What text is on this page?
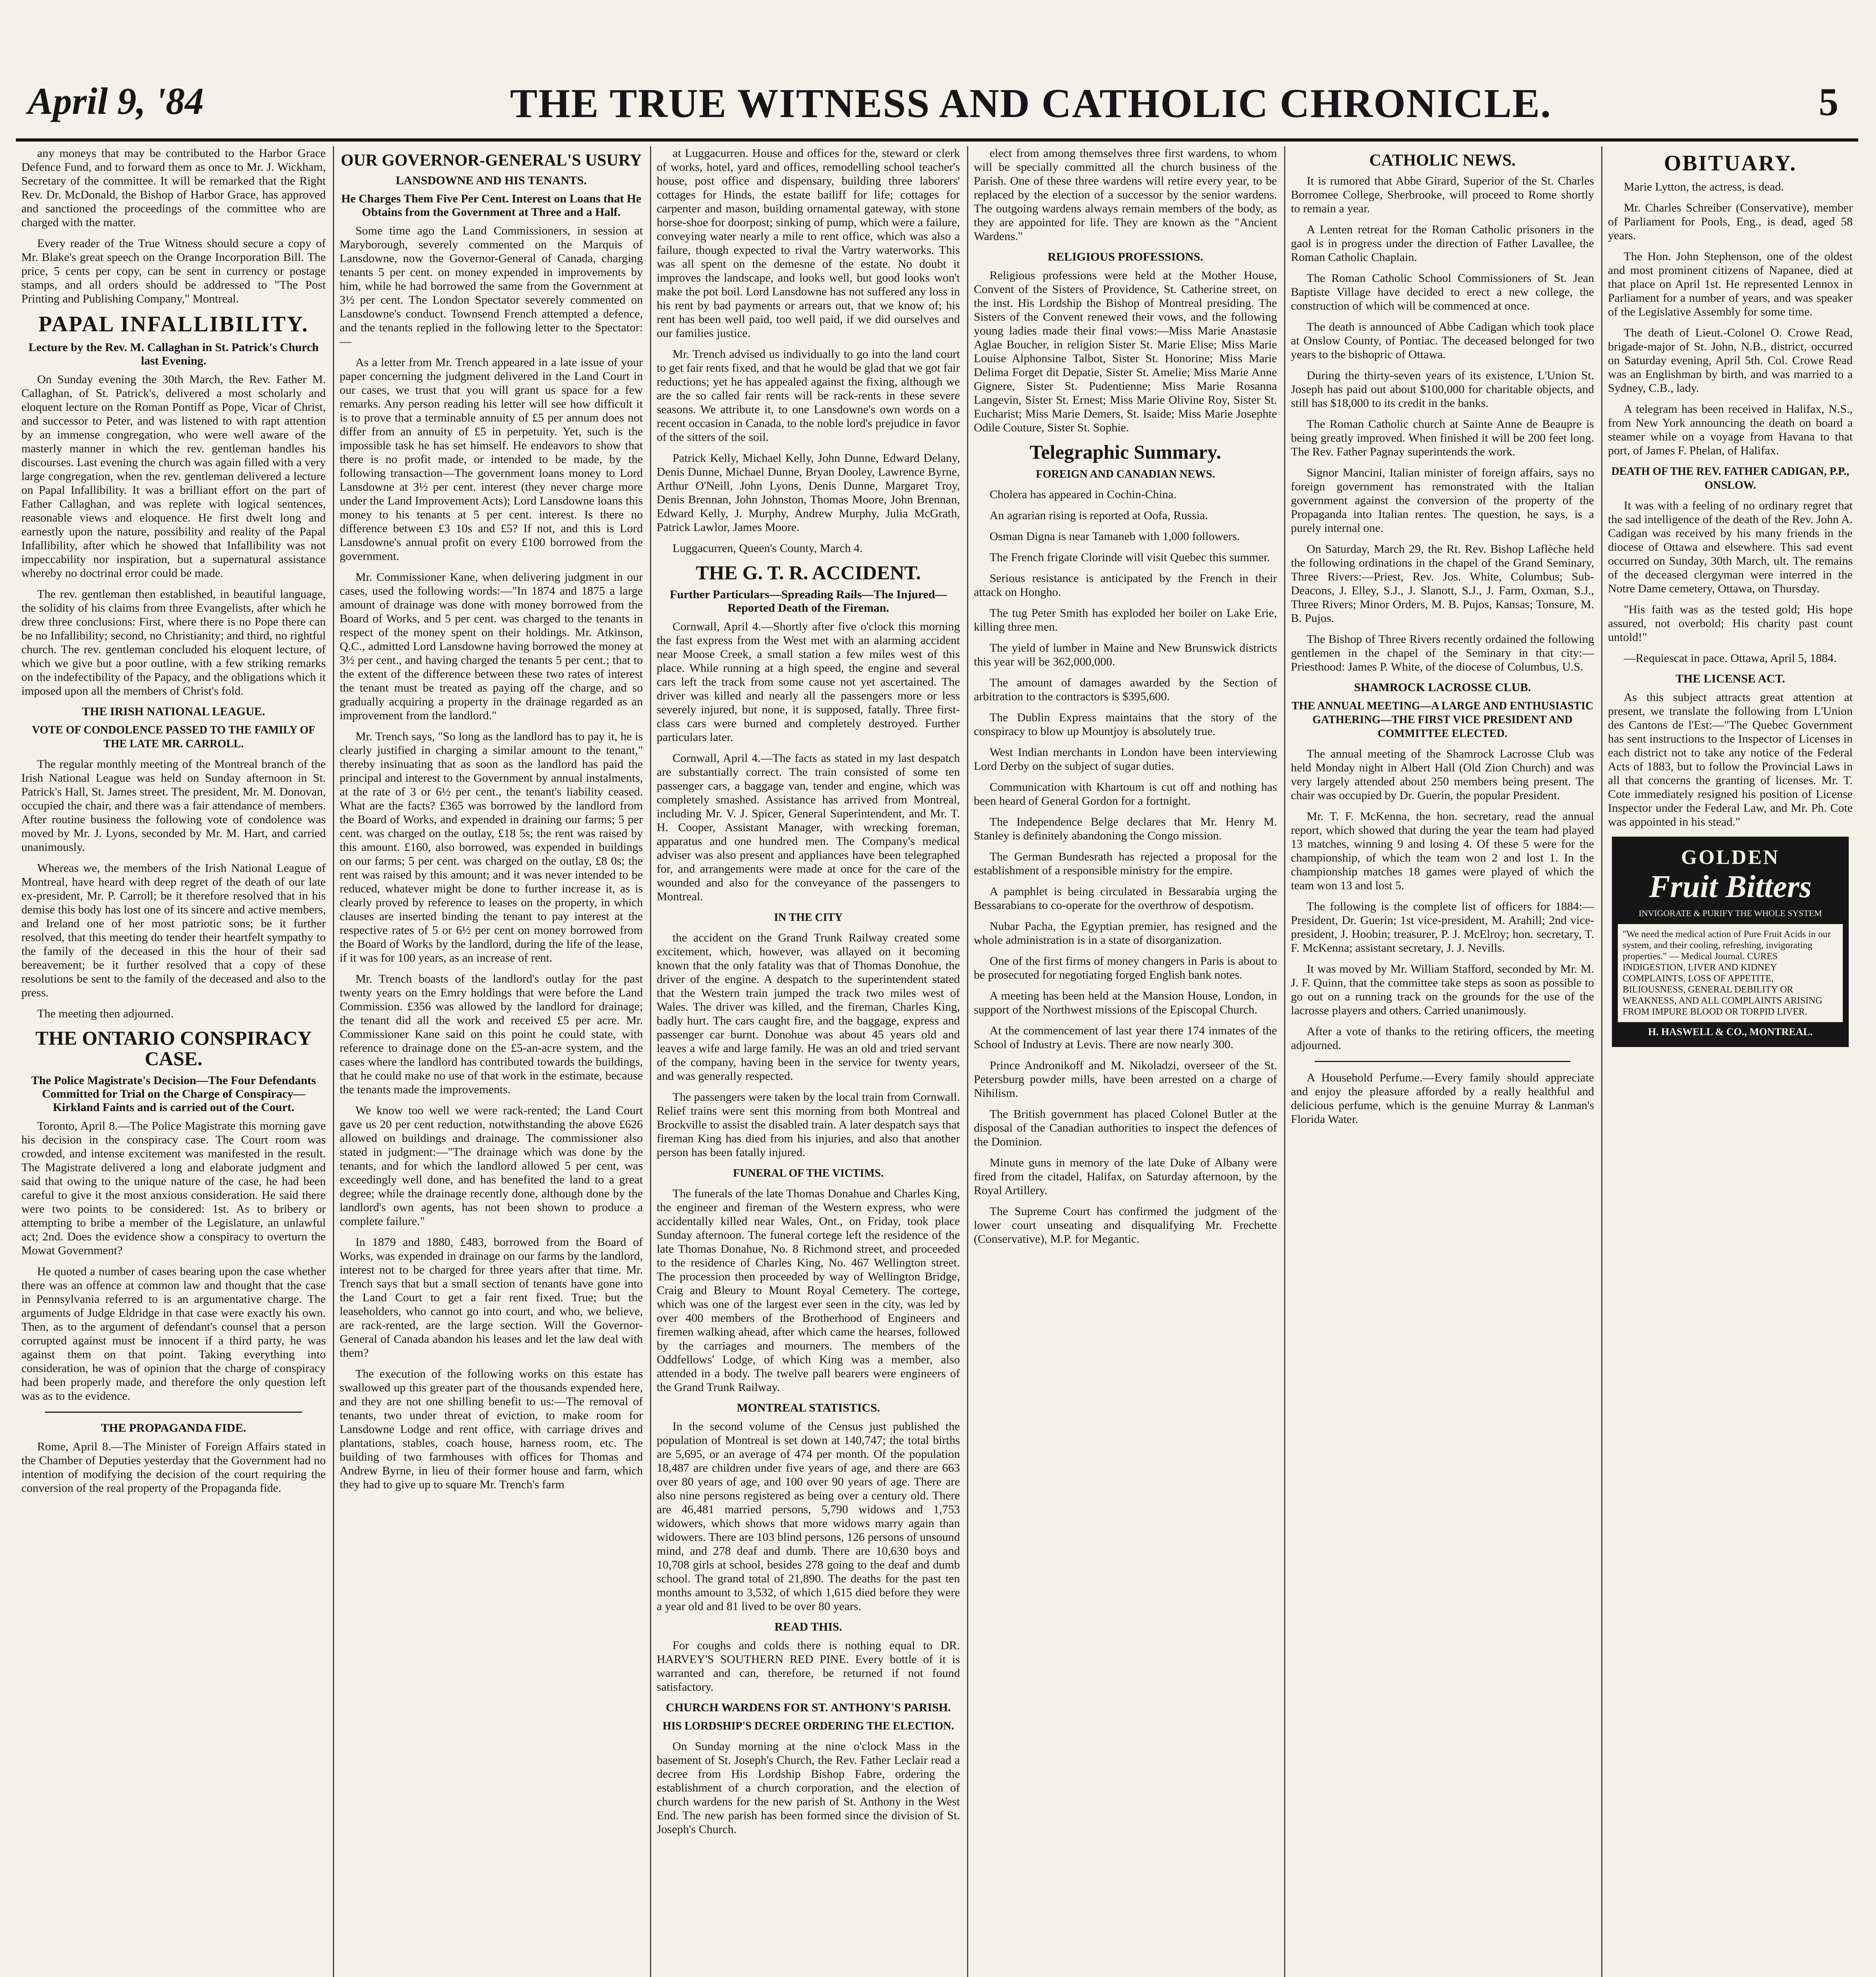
April 9, '84	THE TRUE WITNESS AND CATHOLIC CHRONICLE.	5

any moneys that may be contributed to the Harbor Grace Defence Fund, and to forward them as once to Mr. J. Wickham, Secretary of the committee. It will be remarked that the Right Rev. Dr. McDonald, the Bishop of Harbor Grace, has approved and sanctioned the proceedings of the committee who are charged with the matter.

Every reader of the True Witness should secure a copy of Mr. Blake's great speech on the Orange Incorporation Bill. The price, 5 cents per copy, can be sent in currency or postage stamps, and all orders should be addressed to "The Post Printing and Publishing Company," Montreal.

PAPAL INFALLIBILITY.
Lecture by the Rev. M. Callaghan in St. Patrick's Church last Evening.

On Sunday evening the 30th March, the Rev. Father M. Callaghan, of St. Patrick's, delivered a most scholarly and eloquent lecture on the Roman Pontiff as Pope, Vicar of Christ, and successor to Peter, and was listened to with rapt attention by an immense congregation, who were well aware of the masterly manner in which the rev. gentleman handles his discourses. Last evening the church was again filled with a very large congregation, when the rev. gentleman delivered a lecture on Papal Infallibility. It was a brilliant effort on the part of Father Callaghan, and was replete with logical sentences, reasonable views and eloquence. He first dwelt long and earnestly upon the nature, possibility and reality of the Papal Infallibility, after which he showed that Infallibility was not impeccability nor inspiration, but a supernatural assistance whereby no doctrinal error could be made.

The rev. gentleman then established, in beautiful language, the solidity of his claims from three Evangelists, after which he drew three conclusions: First, where there is no Pope there can be no Infallibility; second, no Christianity; and third, no rightful church. The rev. gentleman concluded his eloquent lecture, of which we give but a poor outline, with a few striking remarks on the indefectibility of the Papacy, and the obligations which it imposed upon all the members of Christ's fold.

THE IRISH NATIONAL LEAGUE.

VOTE OF CONDOLENCE PASSED TO THE FAMILY OF THE LATE MR. CARROLL.

The regular monthly meeting of the Montreal branch of the Irish National League was held on Sunday afternoon in St. Patrick's Hall, St. James street. The president, Mr. M. Donovan, occupied the chair, and there was a fair attendance of members. After routine business the following vote of condolence was moved by Mr. J. Lyons, seconded by Mr. M. Hart, and carried unanimously.

Whereas we, the members of the Irish National League of Montreal, have heard with deep regret of the death of our late ex-president, Mr. P. Carroll; be it therefore resolved that in his demise this body has lost one of its sincere and active members, and Ireland one of her most patriotic sons; be it further resolved, that this meeting do tender their heartfelt sympathy to the family of the deceased in this the hour of their sad bereavement; be it further resolved that a copy of these resolutions be sent to the family of the deceased and also to the press.

The meeting then adjourned.

THE ONTARIO CONSPIRACY CASE.
The Police Magistrate's Decision—The Four Defendants Committed for Trial on the Charge of Conspiracy—Kirkland Faints and is carried out of the Court.

Toronto, April 8.—The Police Magistrate this morning gave his decision in the conspiracy case. The Court room was crowded, and intense excitement was manifested in the result. The Magistrate delivered a long and elaborate judgment and said that owing to the unique nature of the case, he had been careful to give it the most anxious consideration. He said there were two points to be considered: 1st. As to bribery or attempting to bribe a member of the Legislature, an unlawful act; 2nd. Does the evidence show a conspiracy to overturn the Mowat Government?

He quoted a number of cases bearing upon the case whether there was an offence at common law and thought that the case in Pennsylvania referred to is an argumentative charge. The arguments of Judge Eldridge in that case were exactly his own. Then, as to the argument of defendant's counsel that a person corrupted against must be innocent if a third party, he was against them on that point. Taking everything into consideration, he was of opinion that the charge of conspiracy had been properly made, and therefore the only question left was as to the evidence.

THE PROPAGANDA FIDE.

Rome, April 8.—The Minister of Foreign Affairs stated in the Chamber of Deputies yesterday that the Government had no intention of modifying the decision of the court requiring the conversion of the real property of the Propaganda fide.

OUR GOVERNOR-GENERAL'S USURY
LANSDOWNE AND HIS TENANTS.
He Charges Them Five Per Cent. Interest on Loans that He Obtains from the Government at Three and a Half.

Some time ago the Land Commissioners, in session at Maryborough, severely commented on the Marquis of Lansdowne, now the Governor-General of Canada, charging tenants 5 per cent. on money expended in improvements by him, while he had borrowed the same from the Government at 3½ per cent. The London Spectator severely commented on Lansdowne's conduct. Townsend French attempted a defence, and the tenants replied in the following letter to the Spectator:—

As a letter from Mr. Trench appeared in a late issue of your paper concerning the judgment delivered in the Land Court in our cases, we trust that you will grant us space for a few remarks. Any person reading his letter will see how difficult it is to prove that a terminable annuity of £5 per annum does not differ from an annuity of £5 in perpetuity. Yet, such is the impossible task he has set himself. He endeavors to show that there is no profit made, or intended to be made, by the following transaction—The government loans money to Lord Lansdowne at 3½ per cent. interest (they never charge more under the Land Improvement Acts); Lord Lansdowne loans this money to his tenants at 5 per cent. interest. Is there no difference between £3 10s and £5? If not, and this is Lord Lansdowne's annual profit on every £100 borrowed from the government.

Mr. Commissioner Kane, when delivering judgment in our cases, used the following words:—"In 1874 and 1875 a large amount of drainage was done with money borrowed from the Board of Works, and 5 per cent. was charged to the tenants in respect of the money spent on their holdings. Mr. Atkinson, Q.C., admitted Lord Lansdowne having borrowed the money at 3½ per cent., and having charged the tenants 5 per cent.; that to the extent of the difference between these two rates of interest the tenant must be treated as paying off the charge, and so gradually acquiring a property in the drainage regarded as an improvement from the landlord."

Mr. Trench says, "So long as the landlord has to pay it, he is clearly justified in charging a similar amount to the tenant," thereby insinuating that as soon as the landlord has paid the principal and interest to the Government by annual instalments, at the rate of 3 or 6½ per cent., the tenant's liability ceased. What are the facts? £365 was borrowed by the landlord from the Board of Works, and expended in draining our farms; 5 per cent. was charged on the outlay, £18 5s; the rent was raised by this amount. £160, also borrowed, was expended in buildings on our farms; 5 per cent. was charged on the outlay, £8 0s; the rent was raised by this amount; and it was never intended to be reduced, whatever might be done to further increase it, as is clearly proved by reference to leases on the property, in which clauses are inserted binding the tenant to pay interest at the respective rates of 5 or 6½ per cent on money borrowed from the Board of Works by the landlord, during the life of the lease, if it was for 100 years, as an increase of rent.

Mr. Trench boasts of the landlord's outlay for the past twenty years on the Emry holdings that were before the Land Commission. £356 was allowed by the landlord for drainage; the tenant did all the work and received £5 per acre. Mr. Commissioner Kane said on this point he could state, with reference to drainage done on the £5-an-acre system, and the cases where the landlord has contributed towards the buildings, that he could make no use of that work in the estimate, because the tenants made the improvements.

We know too well we were rack-rented; the Land Court gave us 20 per cent reduction, notwithstanding the above £626 allowed on buildings and drainage. The commissioner also stated in judgment:—"The drainage which was done by the tenants, and for which the landlord allowed 5 per cent, was exceedingly well done, and has benefited the land to a great degree; while the drainage recently done, although done by the landlord's own agents, has not been shown to produce a complete failure."

In 1879 and 1880, £483, borrowed from the Board of Works, was expended in drainage on our farms by the landlord, interest not to be charged for three years after that time. Mr. Trench says that but a small section of tenants have gone into the Land Court to get a fair rent fixed. True; but the leaseholders, who cannot go into court, and who, we believe, are rack-rented, are the large section. Will the Governor-General of Canada abandon his leases and let the law deal with them?

The execution of the following works on this estate has swallowed up this greater part of the thousands expended here, and they are not one shilling benefit to us:—The removal of tenants, two under threat of eviction, to make room for Lansdowne Lodge and rent office, with carriage drives and plantations, stables, coach house, harness room, etc. The building of two farmhouses with offices for Thomas and Andrew Byrne, in lieu of their former house and farm, which they had to give up to square Mr. Trench's farm

at Luggacurren. House and offices for the, steward or clerk of works, hotel, yard and offices, remodelling school teacher's house, post office and dispensary, building three laborers' cottages for Hinds, the estate bailiff for life; cottages for carpenter and mason, building ornamental gateway, with stone horse-shoe for doorpost; sinking of pump, which were a failure, conveying water nearly a mile to rent office, which was also a failure, though expected to rival the Vartry waterworks. This was all spent on the demesne of the estate. No doubt it improves the landscape, and looks well, but good looks won't make the pot boil. Lord Lansdowne has not suffered any loss in his rent by bad payments or arrears out, that we know of; his rent has been well paid, too well paid, if we did ourselves and our families justice.

Mr. Trench advised us individually to go into the land court to get fair rents fixed, and that he would be glad that we got fair reductions; yet he has appealed against the fixing, although we are the so called fair rents will be rack-rents in these severe seasons. We attribute it, to one Lansdowne's own words on a recent occasion in Canada, to the noble lord's prejudice in favor of the sitters of the soil.

Patrick Kelly, Michael Kelly, John Dunne, Edward Delany, Denis Dunne, Michael Dunne, Bryan Dooley, Lawrence Byrne, Arthur O'Neill, John Lyons, Denis Dunne, Margaret Troy, Denis Brennan, John Johnston, Thomas Moore, John Brennan, Edward Kelly, J. Murphy, Andrew Murphy, Julia McGrath, Patrick Lawlor, James Moore.

Luggacurren, Queen's County, March 4.

THE G. T. R. ACCIDENT.
Further Particulars—Spreading Rails—The Injured—Reported Death of the Fireman.

Cornwall, April 4.—Shortly after five o'clock this morning the fast express from the West met with an alarming accident near Moose Creek, a small station a few miles west of this place. While running at a high speed, the engine and several cars left the track from some cause not yet ascertained. The driver was killed and nearly all the passengers more or less severely injured, but none, it is supposed, fatally. Three first-class cars were burned and completely destroyed. Further particulars later.

Cornwall, April 4.—The facts as stated in my last despatch are substantially correct. The train consisted of some ten passenger cars, a baggage van, tender and engine, which was completely smashed. Assistance has arrived from Montreal, including Mr. V. J. Spicer, General Superintendent, and Mr. T. H. Cooper, Assistant Manager, with wrecking foreman, apparatus and one hundred men. The Company's medical adviser was also present and appliances have been telegraphed for, and arrangements were made at once for the care of the wounded and also for the conveyance of the passengers to Montreal.

IN THE CITY

the accident on the Grand Trunk Railway created some excitement, which, however, was allayed on it becoming known that the only fatality was that of Thomas Donohue, the driver of the engine. A despatch to the superintendent stated that the Western train jumped the track two miles west of Wales. The driver was killed, and the fireman, Charles King, badly hurt. The cars caught fire, and the baggage, express and passenger car burnt. Donohue was about 45 years old and leaves a wife and large family. He was an old and tried servant of the company, having been in the service for twenty years, and was generally respected.

The passengers were taken by the local train from Cornwall. Relief trains were sent this morning from both Montreal and Brockville to assist the disabled train. A later despatch says that fireman King has died from his injuries, and also that another person has been fatally injured.

FUNERAL OF THE VICTIMS.

The funerals of the late Thomas Donahue and Charles King, the engineer and fireman of the Western express, who were accidentally killed near Wales, Ont., on Friday, took place Sunday afternoon. The funeral cortege left the residence of the late Thomas Donahue, No. 8 Richmond street, and proceeded to the residence of Charles King, No. 467 Wellington street. The procession then proceeded by way of Wellington Bridge, Craig and Bleury to Mount Royal Cemetery. The cortege, which was one of the largest ever seen in the city, was led by over 400 members of the Brotherhood of Engineers and firemen walking ahead, after which came the hearses, followed by the carriages and mourners. The members of the Oddfellows' Lodge, of which King was a member, also attended in a body. The twelve pall bearers were engineers of the Grand Trunk Railway.

MONTREAL STATISTICS.

In the second volume of the Census just published the population of Montreal is set down at 140,747; the total births are 5,695, or an average of 474 per month. Of the population 18,487 are children under five years of age, and there are 663 over 80 years of age, and 100 over 90 years of age. There are also nine persons registered as being over a century old. There are 46,481 married persons, 5,790 widows and 1,753 widowers, which shows that more widows marry again than widowers. There are 103 blind persons, 126 persons of unsound mind, and 278 deaf and dumb. There are 10,630 boys and 10,708 girls at school, besides 278 going to the deaf and dumb school. The grand total of 21,890. The deaths for the past ten months amount to 3,532, of which 1,615 died before they were a year old and 81 lived to be over 80 years.

READ THIS.

For coughs and colds there is nothing equal to DR. HARVEY'S SOUTHERN RED PINE. Every bottle of it is warranted and can, therefore, be returned if not found satisfactory.

CHURCH WARDENS FOR ST. ANTHONY'S PARISH.

HIS LORDSHIP'S DECREE ORDERING THE ELECTION.

On Sunday morning at the nine o'clock Mass in the basement of St. Joseph's Church, the Rev. Father Leclair read a decree from His Lordship Bishop Fabre, ordering the establishment of a church corporation, and the election of church wardens for the new parish of St. Anthony in the West End. The new parish has been formed since the division of St. Joseph's Church.

elect from among themselves three first wardens, to whom will be specially committed all the church business of the Parish. One of these three wardens will retire every year, to be replaced by the election of a successor by the senior wardens. The outgoing wardens always remain members of the body, as they are appointed for life. They are known as the "Ancient Wardens."

RELIGIOUS PROFESSIONS.

Religious professions were held at the Mother House, Convent of the Sisters of Providence, St. Catherine street, on the inst. His Lordship the Bishop of Montreal presiding. The Sisters of the Convent renewed their vows, and the following young ladies made their final vows:—Miss Marie Anastasie Aglae Boucher, in religion Sister St. Marie Elise; Miss Marie Louise Alphonsine Talbot, Sister St. Honorine; Miss Marie Delima Forget dit Depatie, Sister St. Amelie; Miss Marie Anne Gignere, Sister St. Pudentienne; Miss Marie Rosanna Langevin, Sister St. Ernest; Miss Marie Olivine Roy, Sister St. Eucharist; Miss Marie Demers, St. Isaide; Miss Marie Josephte Odile Couture, Sister St. Sophie.

Telegraphic Summary.

FOREIGN AND CANADIAN NEWS.

Cholera has appeared in Cochin-China.

An agrarian rising is reported at Oofa, Russia.

Osman Digna is near Tamaneb with 1,000 followers.

The French frigate Clorinde will visit Quebec this summer.

Serious resistance is anticipated by the French in their attack on Hongho.

The tug Peter Smith has exploded her boiler on Lake Erie, killing three men.

The yield of lumber in Maine and New Brunswick districts this year will be 362,000,000.

The amount of damages awarded by the Section of arbitration to the contractors is $395,600.

The Dublin Express maintains that the story of the conspiracy to blow up Mountjoy is absolutely true.

West Indian merchants in London have been interviewing Lord Derby on the subject of sugar duties.

Communication with Khartoum is cut off and nothing has been heard of General Gordon for a fortnight.

The Independence Belge declares that Mr. Henry M. Stanley is definitely abandoning the Congo mission.

The German Bundesrath has rejected a proposal for the establishment of a responsible ministry for the empire.

A pamphlet is being circulated in Bessarabia urging the Bessarabians to co-operate for the overthrow of despotism.

Nubar Pacha, the Egyptian premier, has resigned and the whole administration is in a state of disorganization.

One of the first firms of money changers in Paris is about to be prosecuted for negotiating forged English bank notes.

A meeting has been held at the Mansion House, London, in support of the Northwest missions of the Episcopal Church.

At the commencement of last year there 174 inmates of the School of Industry at Levis. There are now nearly 300.

Prince Andronikoff and M. Nikoladzi, overseer of the St. Petersburg powder mills, have been arrested on a charge of Nihilism.

The British government has placed Colonel Butler at the disposal of the Canadian authorities to inspect the defences of the Dominion.

Minute guns in memory of the late Duke of Albany were fired from the citadel, Halifax, on Saturday afternoon, by the Royal Artillery.

The Supreme Court has confirmed the judgment of the lower court unseating and disqualifying Mr. Frechette (Conservative), M.P. for Megantic.

CATHOLIC NEWS.

It is rumored that Abbe Girard, Superior of the St. Charles Borromee College, Sherbrooke, will proceed to Rome shortly to remain a year.

A Lenten retreat for the Roman Catholic prisoners in the gaol is in progress under the direction of Father Lavallee, the Roman Catholic Chaplain.

The Roman Catholic School Commissioners of St. Jean Baptiste Village have decided to erect a new college, the construction of which will be commenced at once.

The death is announced of Abbe Cadigan which took place at Onslow County, of Pontiac. The deceased belonged for two years to the bishopric of Ottawa.

During the thirty-seven years of its existence, L'Union St. Joseph has paid out about $100,000 for charitable objects, and still has $18,000 to its credit in the banks.

The Roman Catholic church at Sainte Anne de Beaupre is being greatly improved. When finished it will be 200 feet long. The Rev. Father Pagnay superintends the work.

Signor Mancini, Italian minister of foreign affairs, says no foreign government has remonstrated with the Italian government against the conversion of the property of the Propaganda into Italian rentes. The question, he says, is a purely internal one.

On Saturday, March 29, the Rt. Rev. Bishop Laflèche held the following ordinations in the chapel of the Grand Seminary, Three Rivers:—Priest, Rev. Jos. White, Columbus; Sub-Deacons, J. Elley, S.J., J. Slanott, S.J., J. Farm, Oxman, S.J., Three Rivers; Minor Orders, M. B. Pujos, Kansas; Tonsure, M. B. Pujos.

The Bishop of Three Rivers recently ordained the following gentlemen in the chapel of the Seminary in that city:—Priesthood: James P. White, of the diocese of Columbus, U.S.

SHAMROCK LACROSSE CLUB.

THE ANNUAL MEETING—A LARGE AND ENTHUSIASTIC GATHERING—THE FIRST VICE PRESIDENT AND COMMITTEE ELECTED.

The annual meeting of the Shamrock Lacrosse Club was held Monday night in Albert Hall (Old Zion Church) and was very largely attended about 250 members being present. The chair was occupied by Dr. Guerin, the popular President.

Mr. T. F. McKenna, the hon. secretary, read the annual report, which showed that during the year the team had played 13 matches, winning 9 and losing 4. Of these 5 were for the championship, of which the team won 2 and lost 1. In the championship matches 18 games were played of which the team won 13 and lost 5.

The following is the complete list of officers for 1884:—President, Dr. Guerin; 1st vice-president, M. Arahill; 2nd vice-president, J. Hoobin; treasurer, P. J. McElroy; hon. secretary, T. F. McKenna; assistant secretary, J. J. Nevills.

It was moved by Mr. William Stafford, seconded by Mr. M. J. F. Quinn, that the committee take steps as soon as possible to go out on a running track on the grounds for the use of the lacrosse players and others. Carried unanimously.

After a vote of thanks to the retiring officers, the meeting adjourned.

A Household Perfume.—Every family should appreciate and enjoy the pleasure afforded by a really healthful and delicious perfume, which is the genuine Murray & Lanman's Florida Water.

OBITUARY.

Marie Lytton, the actress, is dead.

Mr. Charles Schreiber (Conservative), member of Parliament for Pools, Eng., is dead, aged 58 years.

The Hon. John Stephenson, one of the oldest and most prominent citizens of Napanee, died at that place on April 1st. He represented Lennox in Parliament for a number of years, and was speaker of the Legislative Assembly for some time.

The death of Lieut.-Colonel O. Crowe Read, brigade-major of St. John, N.B., district, occurred on Saturday evening, April 5th. Col. Crowe Read was an Englishman by birth, and was married to a Sydney, C.B., lady.

A telegram has been received in Halifax, N.S., from New York announcing the death on board a steamer while on a voyage from Havana to that port, of James F. Phelan, of Halifax.

DEATH OF THE REV. FATHER CADIGAN, P.P., ONSLOW.

It was with a feeling of no ordinary regret that the sad intelligence of the death of the Rev. John A. Cadigan was received by his many friends in the diocese of Ottawa and elsewhere. This sad event occurred on Sunday, 30th March, ult. The remains of the deceased clergyman were interred in the Notre Dame cemetery, Ottawa, on Thursday.

"His faith was as the tested gold; His hope assured, not overbold; His charity past count untold!"

—Requiescat in pace. Ottawa, April 5, 1884.

THE LICENSE ACT.

As this subject attracts great attention at present, we translate the following from L'Union des Cantons de l'Est:—"The Quebec Government has sent instructions to the Inspector of Licenses in each district not to take any notice of the Federal Acts of 1883, but to follow the Provincial Laws in all that concerns the granting of licenses. Mr. T. Cote immediately resigned his position of License Inspector under the Federal Law, and Mr. Ph. Cote was appointed in his stead."

GOLDEN
Fruit Bitters
INVIGORATE & PURIFY THE WHOLE SYSTEM
"We need the medical action of Pure Fruit Acids in our system, and their cooling, refreshing, invigorating properties." — Medical Journal. CURES INDIGESTION, LIVER AND KIDNEY COMPLAINTS, LOSS OF APPETITE, BILIOUSNESS, GENERAL DEBILITY OR WEAKNESS, AND ALL COMPLAINTS ARISING FROM IMPURE BLOOD OR TORPID LIVER.
H. HASWELL & CO., MONTREAL.
